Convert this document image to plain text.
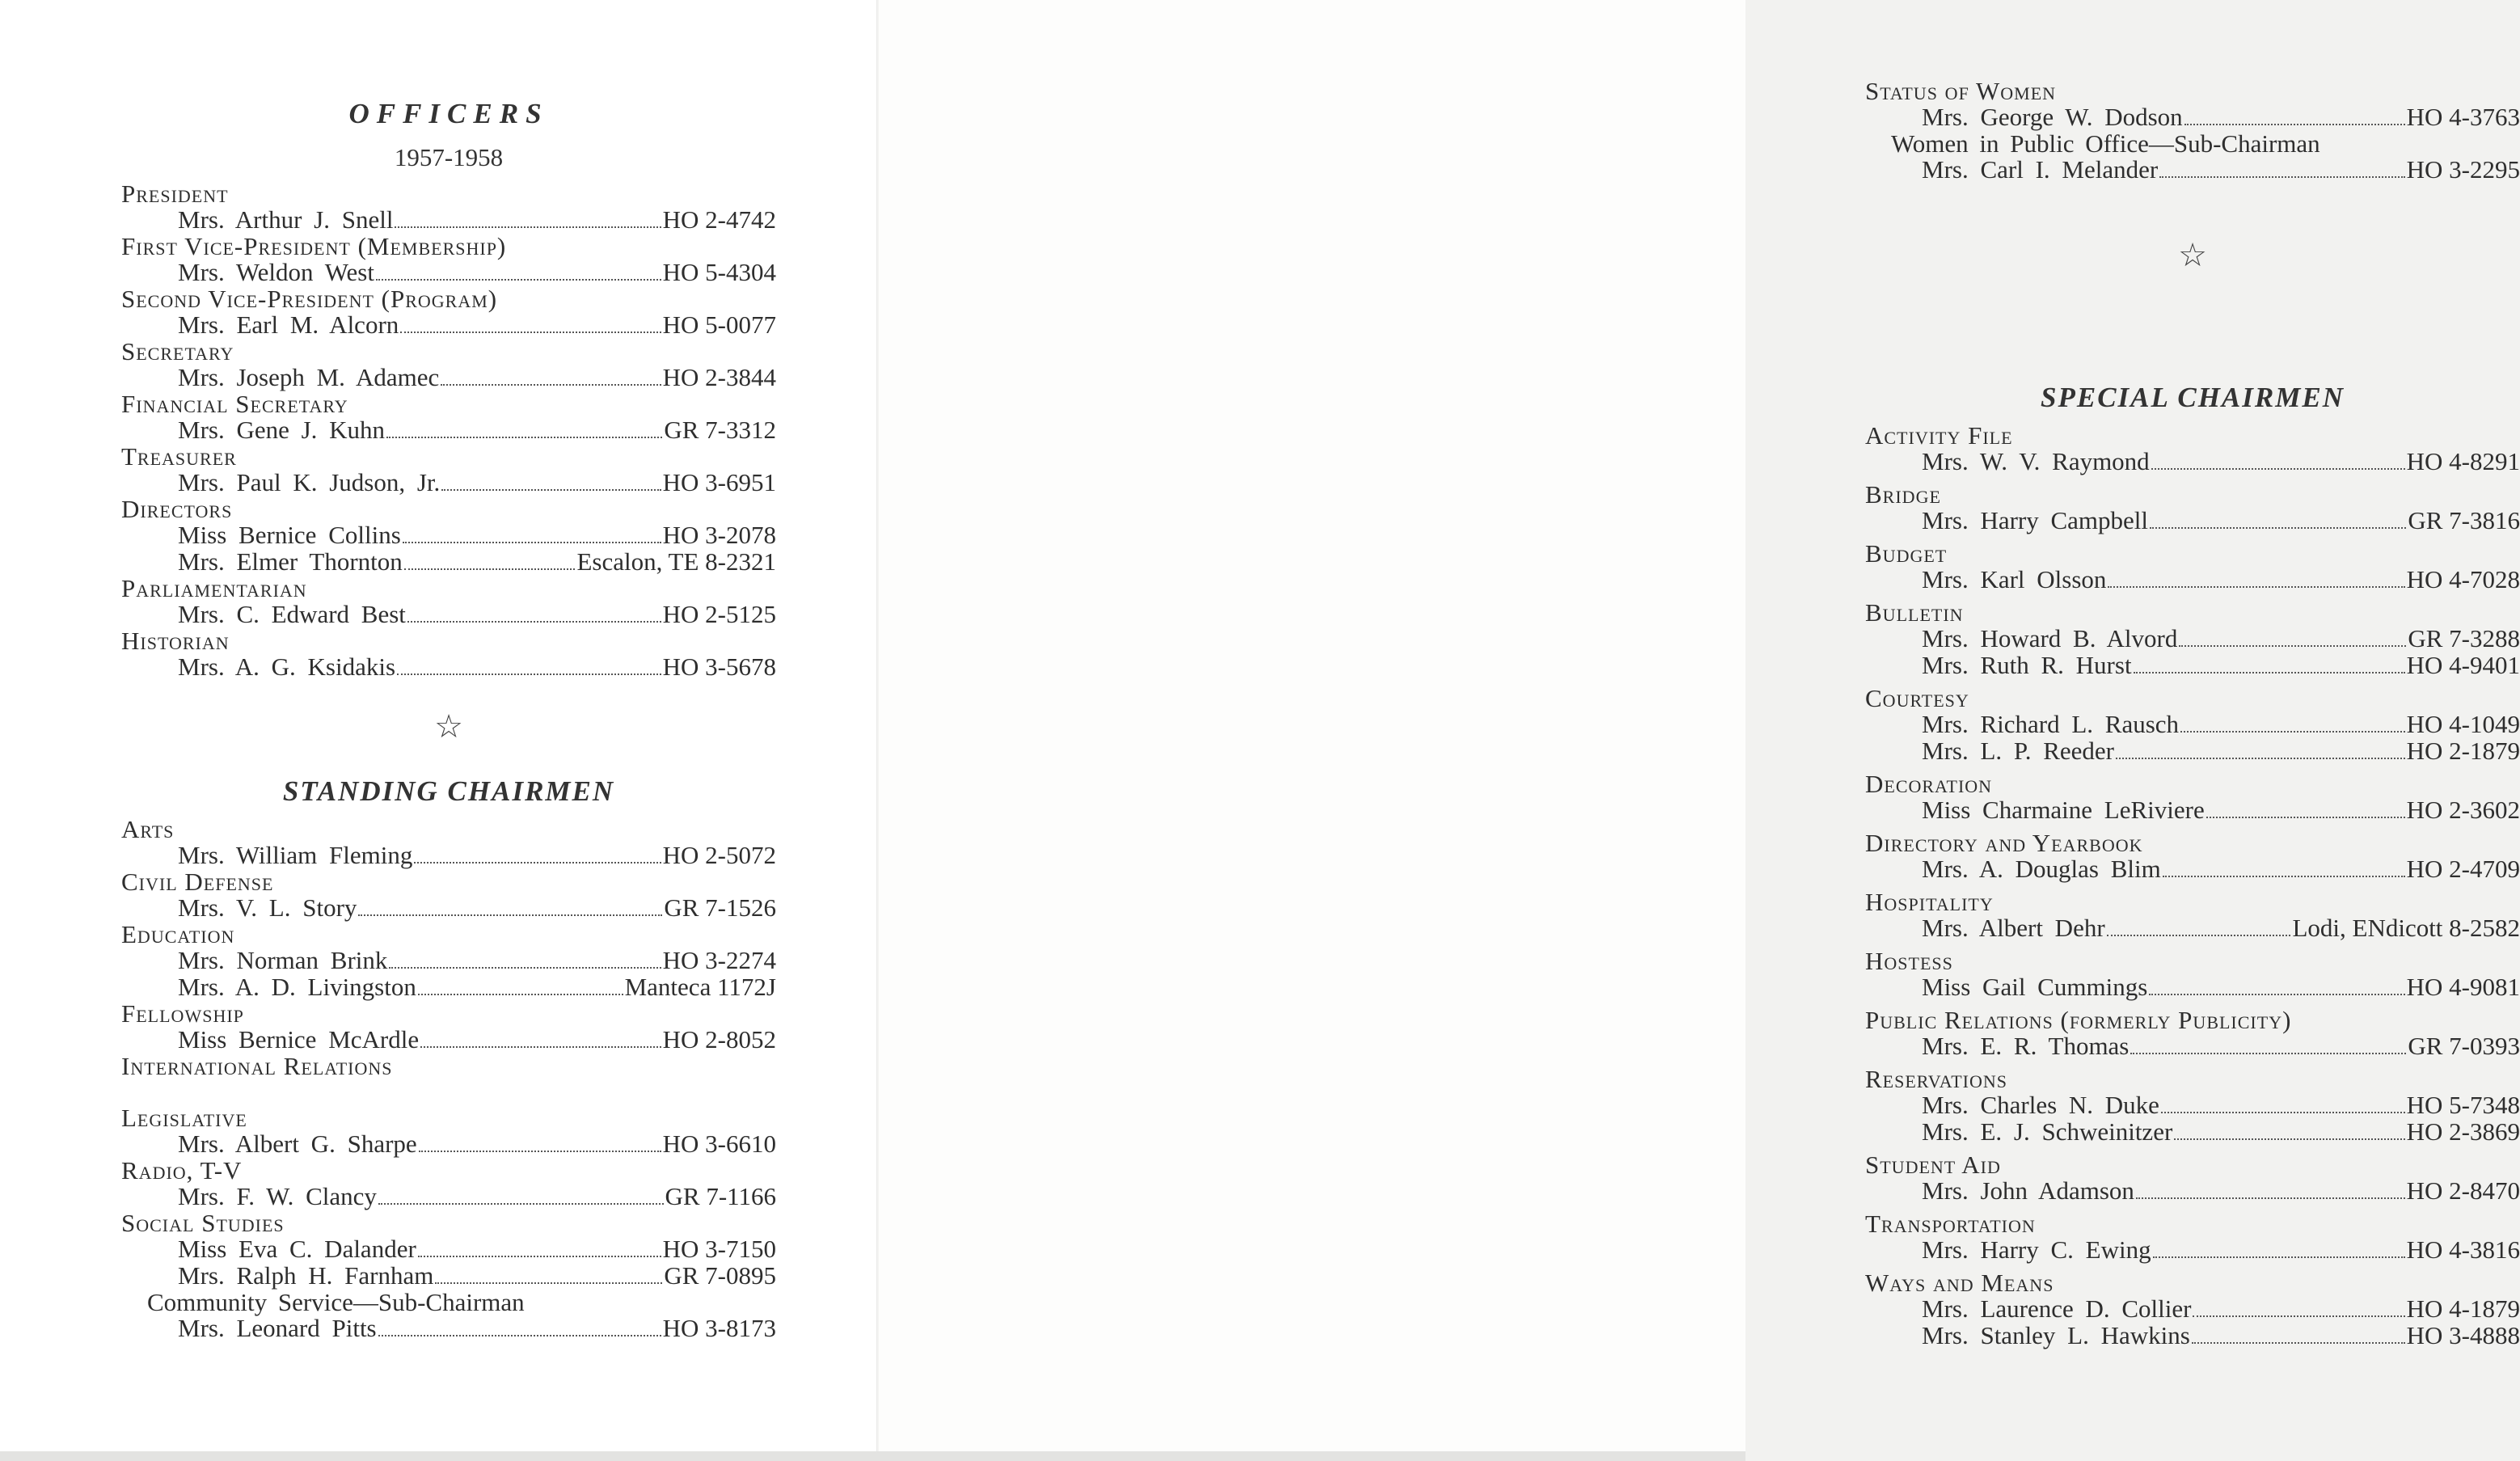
OFFICERS
1957-1958
President
Mrs. Arthur J. Snell	HO 2-4742
First Vice-President (Membership)
Mrs. Weldon West	HO 5-4304
Second Vice-President (Program)
Mrs. Earl M. Alcorn	HO 5-0077
Secretary
Mrs. Joseph M. Adamec	HO 2-3844
Financial Secretary
Mrs. Gene J. Kuhn	GR 7-3312
Treasurer
Mrs. Paul K. Judson, Jr.	HO 3-6951
Directors
Miss Bernice Collins	HO 3-2078
Mrs. Elmer Thornton	Escalon, TE 8-2321
Parliamentarian
Mrs. C. Edward Best	HO 2-5125
Historian
Mrs. A. G. Ksidakis	HO 3-5678
☆
STANDING CHAIRMEN
Arts
Mrs. William Fleming	HO 2-5072
Civil Defense
Mrs. V. L. Story	GR 7-1526
Education
Mrs. Norman Brink	HO 3-2274
Mrs. A. D. Livingston	Manteca 1172J
Fellowship
Miss Bernice McArdle	HO 2-8052
International Relations
Legislative
Mrs. Albert G. Sharpe	HO 3-6610
Radio, T-V
Mrs. F. W. Clancy	GR 7-1166
Social Studies
Miss Eva C. Dalander	HO 3-7150
Mrs. Ralph H. Farnham	GR 7-0895
Community Service—Sub-Chairman
Mrs. Leonard Pitts	HO 3-8173
Status of Women
Mrs. George W. Dodson	HO 4-3763
Women in Public Office—Sub-Chairman
Mrs. Carl I. Melander	HO 3-2295
☆
SPECIAL CHAIRMEN
Activity File
Mrs. W. V. Raymond	HO 4-8291
Bridge
Mrs. Harry Campbell	GR 7-3816
Budget
Mrs. Karl Olsson	HO 4-7028
Bulletin
Mrs. Howard B. Alvord	GR 7-3288
Mrs. Ruth R. Hurst	HO 4-9401
Courtesy
Mrs. Richard L. Rausch	HO 4-1049
Mrs. L. P. Reeder	HO 2-1879
Decoration
Miss Charmaine LeRiviere	HO 2-3602
Directory and Yearbook
Mrs. A. Douglas Blim	HO 2-4709
Hospitality
Mrs. Albert Dehr	Lodi, ENdicott 8-2582
Hostess
Miss Gail Cummings	HO 4-9081
Public Relations (formerly Publicity)
Mrs. E. R. Thomas	GR 7-0393
Reservations
Mrs. Charles N. Duke	HO 5-7348
Mrs. E. J. Schweinitzer	HO 2-3869
Student Aid
Mrs. John Adamson	HO 2-8470
Transportation
Mrs. Harry C. Ewing	HO 4-3816
Ways and Means
Mrs. Laurence D. Collier	HO 4-1879
Mrs. Stanley L. Hawkins	HO 3-4888
